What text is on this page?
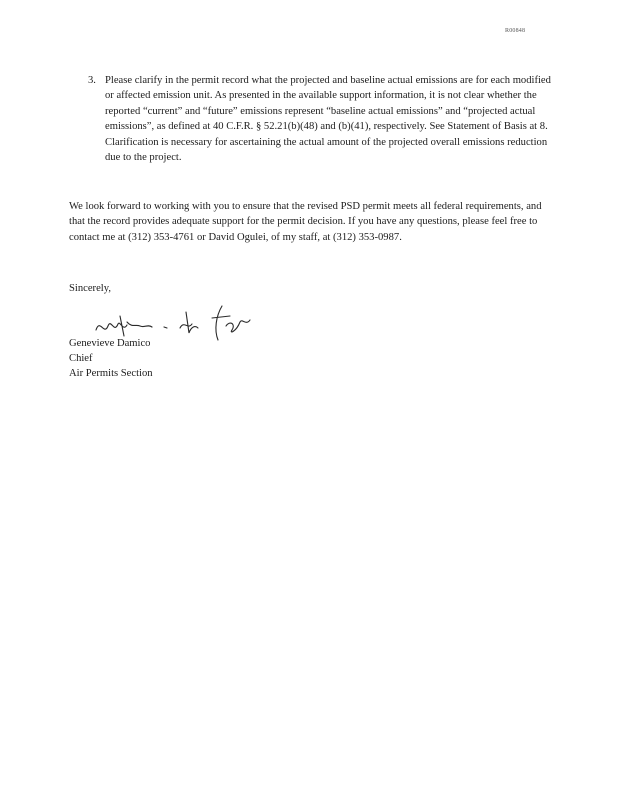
R00848
3. Please clarify in the permit record what the projected and baseline actual emissions are for each modified or affected emission unit. As presented in the available support information, it is not clear whether the reported “current” and “future” emissions represent “baseline actual emissions” and “projected actual emissions”, as defined at 40 C.F.R. § 52.21(b)(48) and (b)(41), respectively. See Statement of Basis at 8. Clarification is necessary for ascertaining the actual amount of the projected overall emissions reduction due to the project.
We look forward to working with you to ensure that the revised PSD permit meets all federal requirements, and that the record provides adequate support for the permit decision. If you have any questions, please feel free to contact me at (312) 353-4761 or David Ogulei, of my staff, at (312) 353-0987.
Sincerely,
Genevieve Damico
Chief
Air Permits Section
